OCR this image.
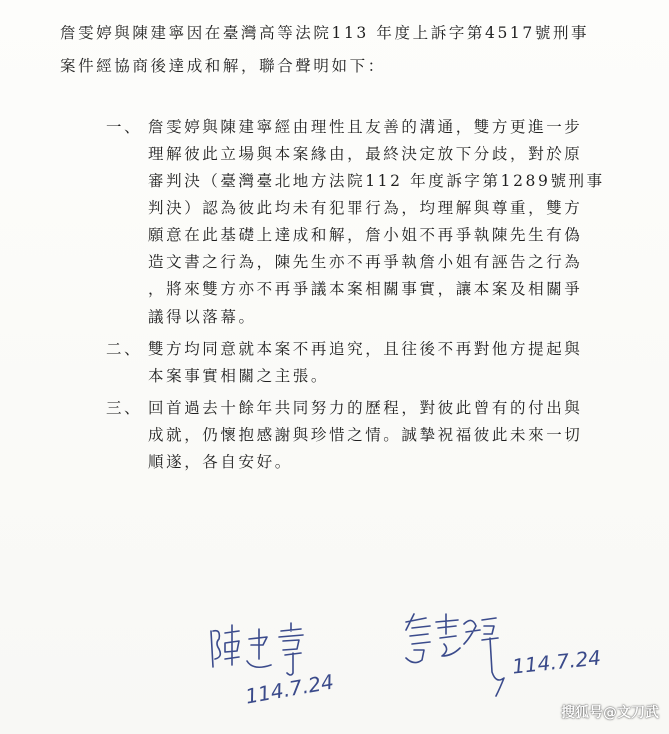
詹雯婷與陳建寧因在臺灣高等法院113 年度上訴字第4517號刑事

案件經協商後達成和解，聯合聲明如下：

一、 詹雯婷與陳建寧經由理性且友善的溝通，雙方更進一步

理解彼此立場與本案緣由，最終決定放下分歧，對於原

審判決（臺灣臺北地方法院112 年度訴字第1289號刑事

判決）認為彼此均未有犯罪行為，均理解與尊重，雙方

願意在此基礎上達成和解，詹小姐不再爭執陳先生有偽

造文書之行為，陳先生亦不再爭執詹小姐有誣告之行為

，將來雙方亦不再爭議本案相關事實，讓本案及相關爭

議得以落幕。

二、 雙方均同意就本案不再追究，且往後不再對他方提起與

本案事實相關之主張。

三、 回首過去十餘年共同努力的歷程，對彼此曾有的付出與

成就，仍懷抱感謝與珍惜之情。誠摯祝福彼此未來一切

順遂，各自安好。

114.7.24
114.7.24
搜狐号@文刀武
